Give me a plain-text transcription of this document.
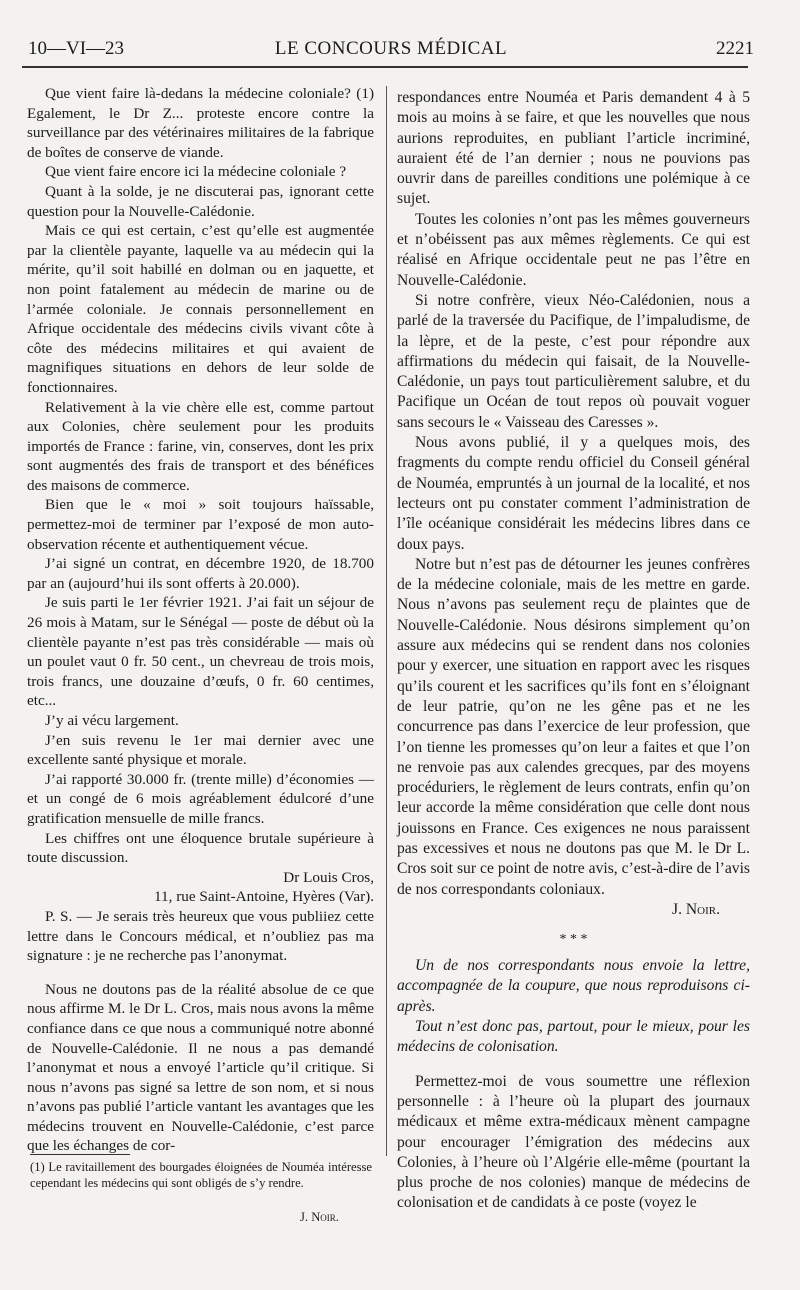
10—VI—23	LE CONCOURS MÉDICAL	2221

Que vient faire là-dedans la médecine coloniale? (1) Egalement, le Dr Z... proteste encore contre la surveillance par des vétérinaires militaires de la fabrique de boîtes de conserve de viande.

Que vient faire encore ici la médecine coloniale ?

Quant à la solde, je ne discuterai pas, ignorant cette question pour la Nouvelle-Calédonie.

Mais ce qui est certain, c’est qu’elle est augmentée par la clientèle payante, laquelle va au médecin qui la mérite, qu’il soit habillé en dolman ou en jaquette, et non point fatalement au médecin de marine ou de l’armée coloniale. Je connais personnellement en Afrique occidentale des médecins civils vivant côte à côte des médecins militaires et qui avaient de magnifiques situations en dehors de leur solde de fonctionnaires.

Relativement à la vie chère elle est, comme partout aux Colonies, chère seulement pour les produits importés de France : farine, vin, conserves, dont les prix sont augmentés des frais de transport et des bénéfices des maisons de commerce.

Bien que le « moi » soit toujours haïssable, permettez-moi de terminer par l’exposé de mon auto-observation récente et authentiquement vécue.

J’ai signé un contrat, en décembre 1920, de 18.700 par an (aujourd’hui ils sont offerts à 20.000).

Je suis parti le 1er février 1921. J’ai fait un séjour de 26 mois à Matam, sur le Sénégal — poste de début où la clientèle payante n’est pas très considérable — mais où un poulet vaut 0 fr. 50 cent., un chevreau de trois mois, trois francs, une douzaine d’œufs, 0 fr. 60 centimes, etc...

J’y ai vécu largement.

J’en suis revenu le 1er mai dernier avec une excellente santé physique et morale.

J’ai rapporté 30.000 fr. (trente mille) d’économies — et un congé de 6 mois agréablement édulcoré d’une gratification mensuelle de mille francs.

Les chiffres ont une éloquence brutale supérieure à toute discussion.

Dr Louis Cros,

11, rue Saint-Antoine, Hyères (Var).

P. S. — Je serais très heureux que vous publiiez cette lettre dans le Concours médical, et n’oubliez pas ma signature : je ne recherche pas l’anonymat.

Nous ne doutons pas de la réalité absolue de ce que nous affirme M. le Dr L. Cros, mais nous avons la même confiance dans ce que nous a communiqué notre abonné de Nouvelle-Calédonie. Il ne nous a pas demandé l’anonymat et nous a envoyé l’article qu’il critique. Si nous n’avons pas signé sa lettre de son nom, et si nous n’avons pas publié l’article vantant les avantages que les médecins trouvent en Nouvelle-Calédonie, c’est parce que les échanges de cor-

respondances entre Nouméa et Paris demandent 4 à 5 mois au moins à se faire, et que les nouvelles que nous aurions reproduites, en publiant l’article incriminé, auraient été de l’an dernier ; nous ne pouvions pas ouvrir dans de pareilles conditions une polémique à ce sujet.

Toutes les colonies n’ont pas les mêmes gouverneurs et n’obéissent pas aux mêmes règlements. Ce qui est réalisé en Afrique occidentale peut ne pas l’être en Nouvelle-Calédonie.

Si notre confrère, vieux Néo-Calédonien, nous a parlé de la traversée du Pacifique, de l’impaludisme, de la lèpre, et de la peste, c’est pour répondre aux affirmations du médecin qui faisait, de la Nouvelle-Calédonie, un pays tout particulièrement salubre, et du Pacifique un Océan de tout repos où pouvait voguer sans secours le « Vaisseau des Caresses ».

Nous avons publié, il y a quelques mois, des fragments du compte rendu officiel du Conseil général de Nouméa, empruntés à un journal de la localité, et nos lecteurs ont pu constater comment l’administration de l’île océanique considérait les médecins libres dans ce doux pays.

Notre but n’est pas de détourner les jeunes confrères de la médecine coloniale, mais de les mettre en garde. Nous n’avons pas seulement reçu de plaintes que de Nouvelle-Calédonie. Nous désirons simplement qu’on assure aux médecins qui se rendent dans nos colonies pour y exercer, une situation en rapport avec les risques qu’ils courent et les sacrifices qu’ils font en s’éloignant de leur patrie, qu’on ne les gêne pas et ne les concurrence pas dans l’exercice de leur profession, que l’on tienne les promesses qu’on leur a faites et que l’on ne renvoie pas aux calendes grecques, par des moyens procéduriers, le règlement de leurs contrats, enfin qu’on leur accorde la même considération que celle dont nous jouissons en France. Ces exigences ne nous paraissent pas excessives et nous ne doutons pas que M. le Dr L. Cros soit sur ce point de notre avis, c’est-à-dire de l’avis de nos correspondants coloniaux.

J. Noir.

* * *

Un de nos correspondants nous envoie la lettre, accompagnée de la coupure, que nous reproduisons ci-après.

Tout n’est donc pas, partout, pour le mieux, pour les médecins de colonisation.

Permettez-moi de vous soumettre une réflexion personnelle : à l’heure où la plupart des journaux médicaux et même extra-médicaux mènent campagne pour encourager l’émigration des médecins aux Colonies, à l’heure où l’Algérie elle-même (pourtant la plus proche de nos colonies) manque de médecins de colonisation et de candidats à ce poste (voyez le

(1) Le ravitaillement des bourgades éloignées de Nouméa intéresse cependant les médecins qui sont obligés de s’y rendre.

J. Noir.
